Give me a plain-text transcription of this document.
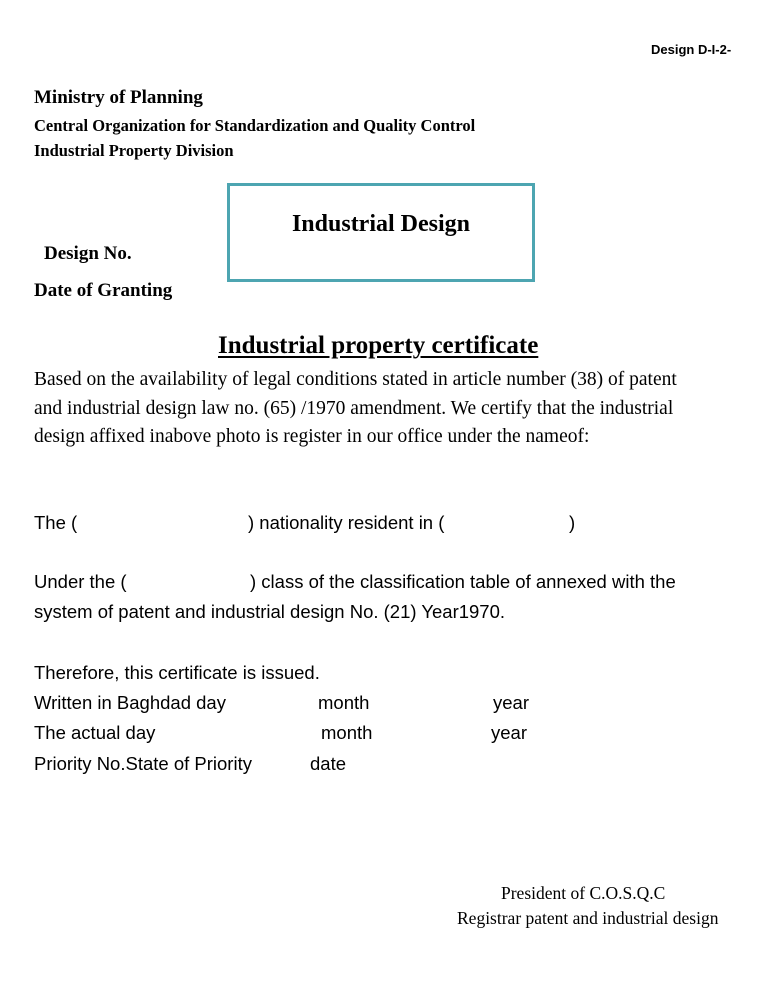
Design D-I-2-
Ministry of Planning
Central Organization for Standardization and Quality Control
Industrial Property Division
Industrial Design
Design No.
Date of Granting
Industrial property certificate
Based on the availability of legal conditions stated in article number (38) of patent
and industrial design law no. (65) /1970 amendment. We certify that the industrial
design affixed inabove photo is register in our office under the nameof:
The (	) nationality resident in (	)
Under the (	) class of the classification table of annexed with the
system of patent and industrial design No. (21) Year1970.
Therefore, this certificate is issued.
Written in Baghdad day	month	year
The actual day	month	year
Priority No.State of Priority	date
President of C.O.S.Q.C
Registrar patent and industrial design
